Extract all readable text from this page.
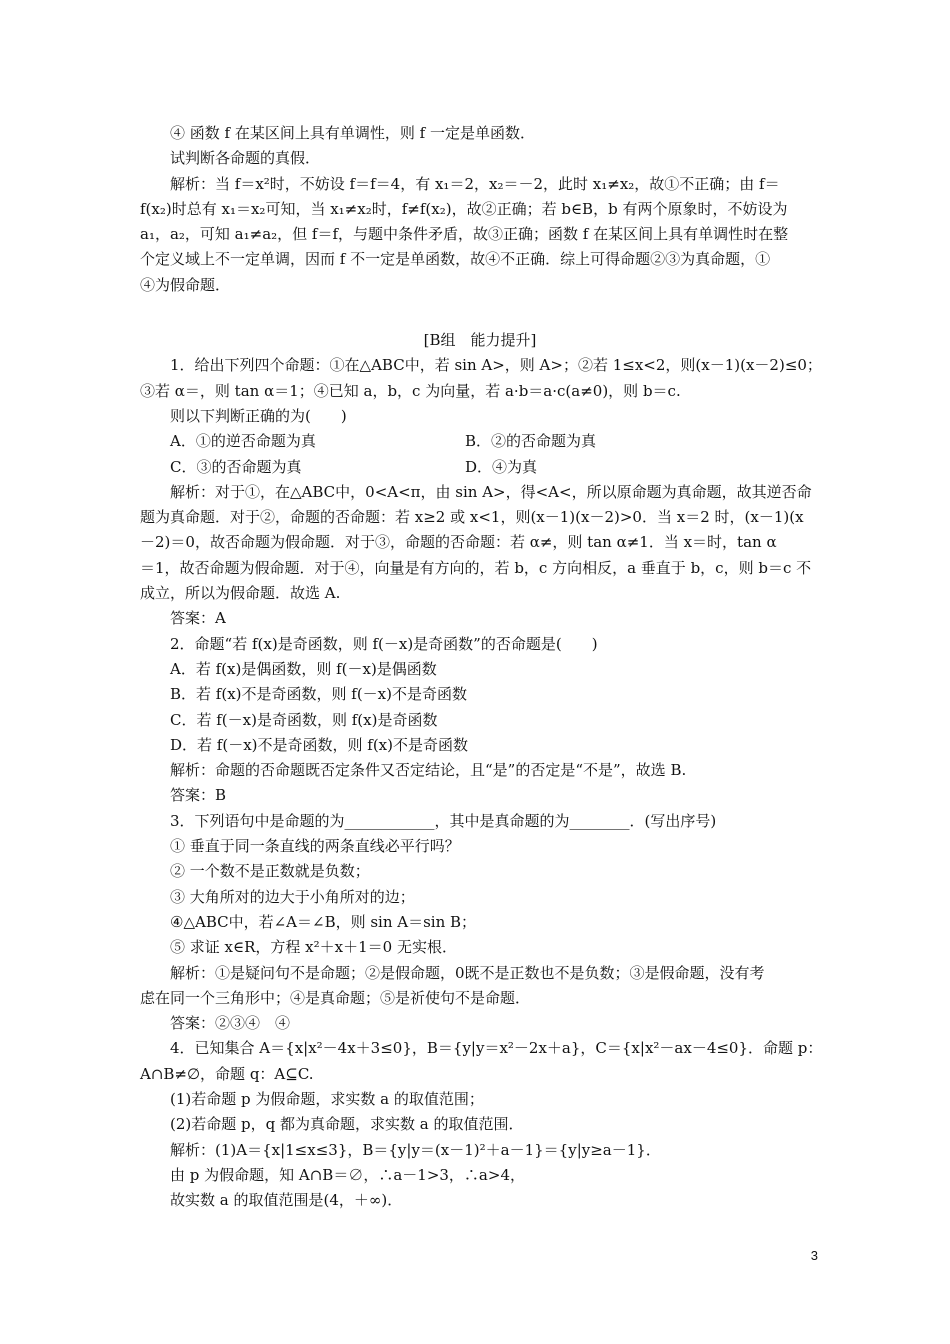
④ 函数 f 在某区间上具有单调性，则 f 一定是单函数．
试判断各命题的真假．
解析：当 f＝x²时，不妨设 f＝f＝4，有 x₁＝2，x₂＝－2，此时 x₁≠x₂，故①不正确；由 f＝
f(x₂)时总有 x₁＝x₂可知，当 x₁≠x₂时，f≠f(x₂)，故②正确；若 b∈B，b 有两个原象时，不妨设为
a₁，a₂，可知 a₁≠a₂，但 f＝f，与题中条件矛盾，故③正确；函数 f 在某区间上具有单调性时在整
个定义域上不一定单调，因而 f 不一定是单函数，故④不正确．综上可得命题②③为真命题，①
④为假命题．
[B组　能力提升]
1．给出下列四个命题：①在△ABC中，若 sin A>，则 A>；②若 1≤x<2，则(x－1)(x－2)≤0；
③若 α＝，则 tan α＝1；④已知 a，b，c 为向量，若 a·b＝a·c(a≠0)，则 b＝c.
则以下判断正确的为(　　)
A．①的逆否命题为真	B．②的否命题为真
C．③的否命题为真	D．④为真
解析：对于①，在△ABC中，0<A<π，由 sin A>，得<A<，所以原命题为真命题，故其逆否命
题为真命题．对于②，命题的否命题：若 x≥2 或 x<1，则(x－1)(x－2)>0．当 x＝2 时，(x－1)(x
－2)＝0，故否命题为假命题．对于③，命题的否命题：若 α≠，则 tan α≠1．当 x＝时，tan α
＝1，故否命题为假命题．对于④，向量是有方向的，若 b，c 方向相反，a 垂直于 b，c，则 b＝c 不
成立，所以为假命题．故选 A.
答案：A
2．命题“若 f(x)是奇函数，则 f(－x)是奇函数”的否命题是(　　)
A．若 f(x)是偶函数，则 f(－x)是偶函数
B．若 f(x)不是奇函数，则 f(－x)不是奇函数
C．若 f(－x)是奇函数，则 f(x)是奇函数
D．若 f(－x)不是奇函数，则 f(x)不是奇函数
解析：命题的否命题既否定条件又否定结论，且“是”的否定是“不是”，故选 B.
答案：B
3．下列语句中是命题的为____________，其中是真命题的为________．(写出序号)
① 垂直于同一条直线的两条直线必平行吗？
② 一个数不是正数就是负数；
③ 大角所对的边大于小角所对的边；
④△ABC中，若∠A＝∠B，则 sin A＝sin B；
⑤ 求证 x∈R，方程 x²＋x＋1＝0 无实根．
解析：①是疑问句不是命题；②是假命题，0既不是正数也不是负数；③是假命题，没有考
虑在同一个三角形中；④是真命题；⑤是祈使句不是命题．
答案：②③④　④
4．已知集合 A＝{x|x²－4x＋3≤0}，B＝{y|y＝x²－2x＋a}，C＝{x|x²－ax－4≤0}．命题 p：
A∩B≠∅，命题 q：A⊆C.
(1)若命题 p 为假命题，求实数 a 的取值范围；
(2)若命题 p，q 都为真命题，求实数 a 的取值范围．
解析：(1)A＝{x|1≤x≤3}，B＝{y|y＝(x－1)²＋a－1}＝{y|y≥a－1}．
由 p 为假命题，知 A∩B＝∅，∴a－1>3，∴a>4，
故实数 a 的取值范围是(4，＋∞)．
3
